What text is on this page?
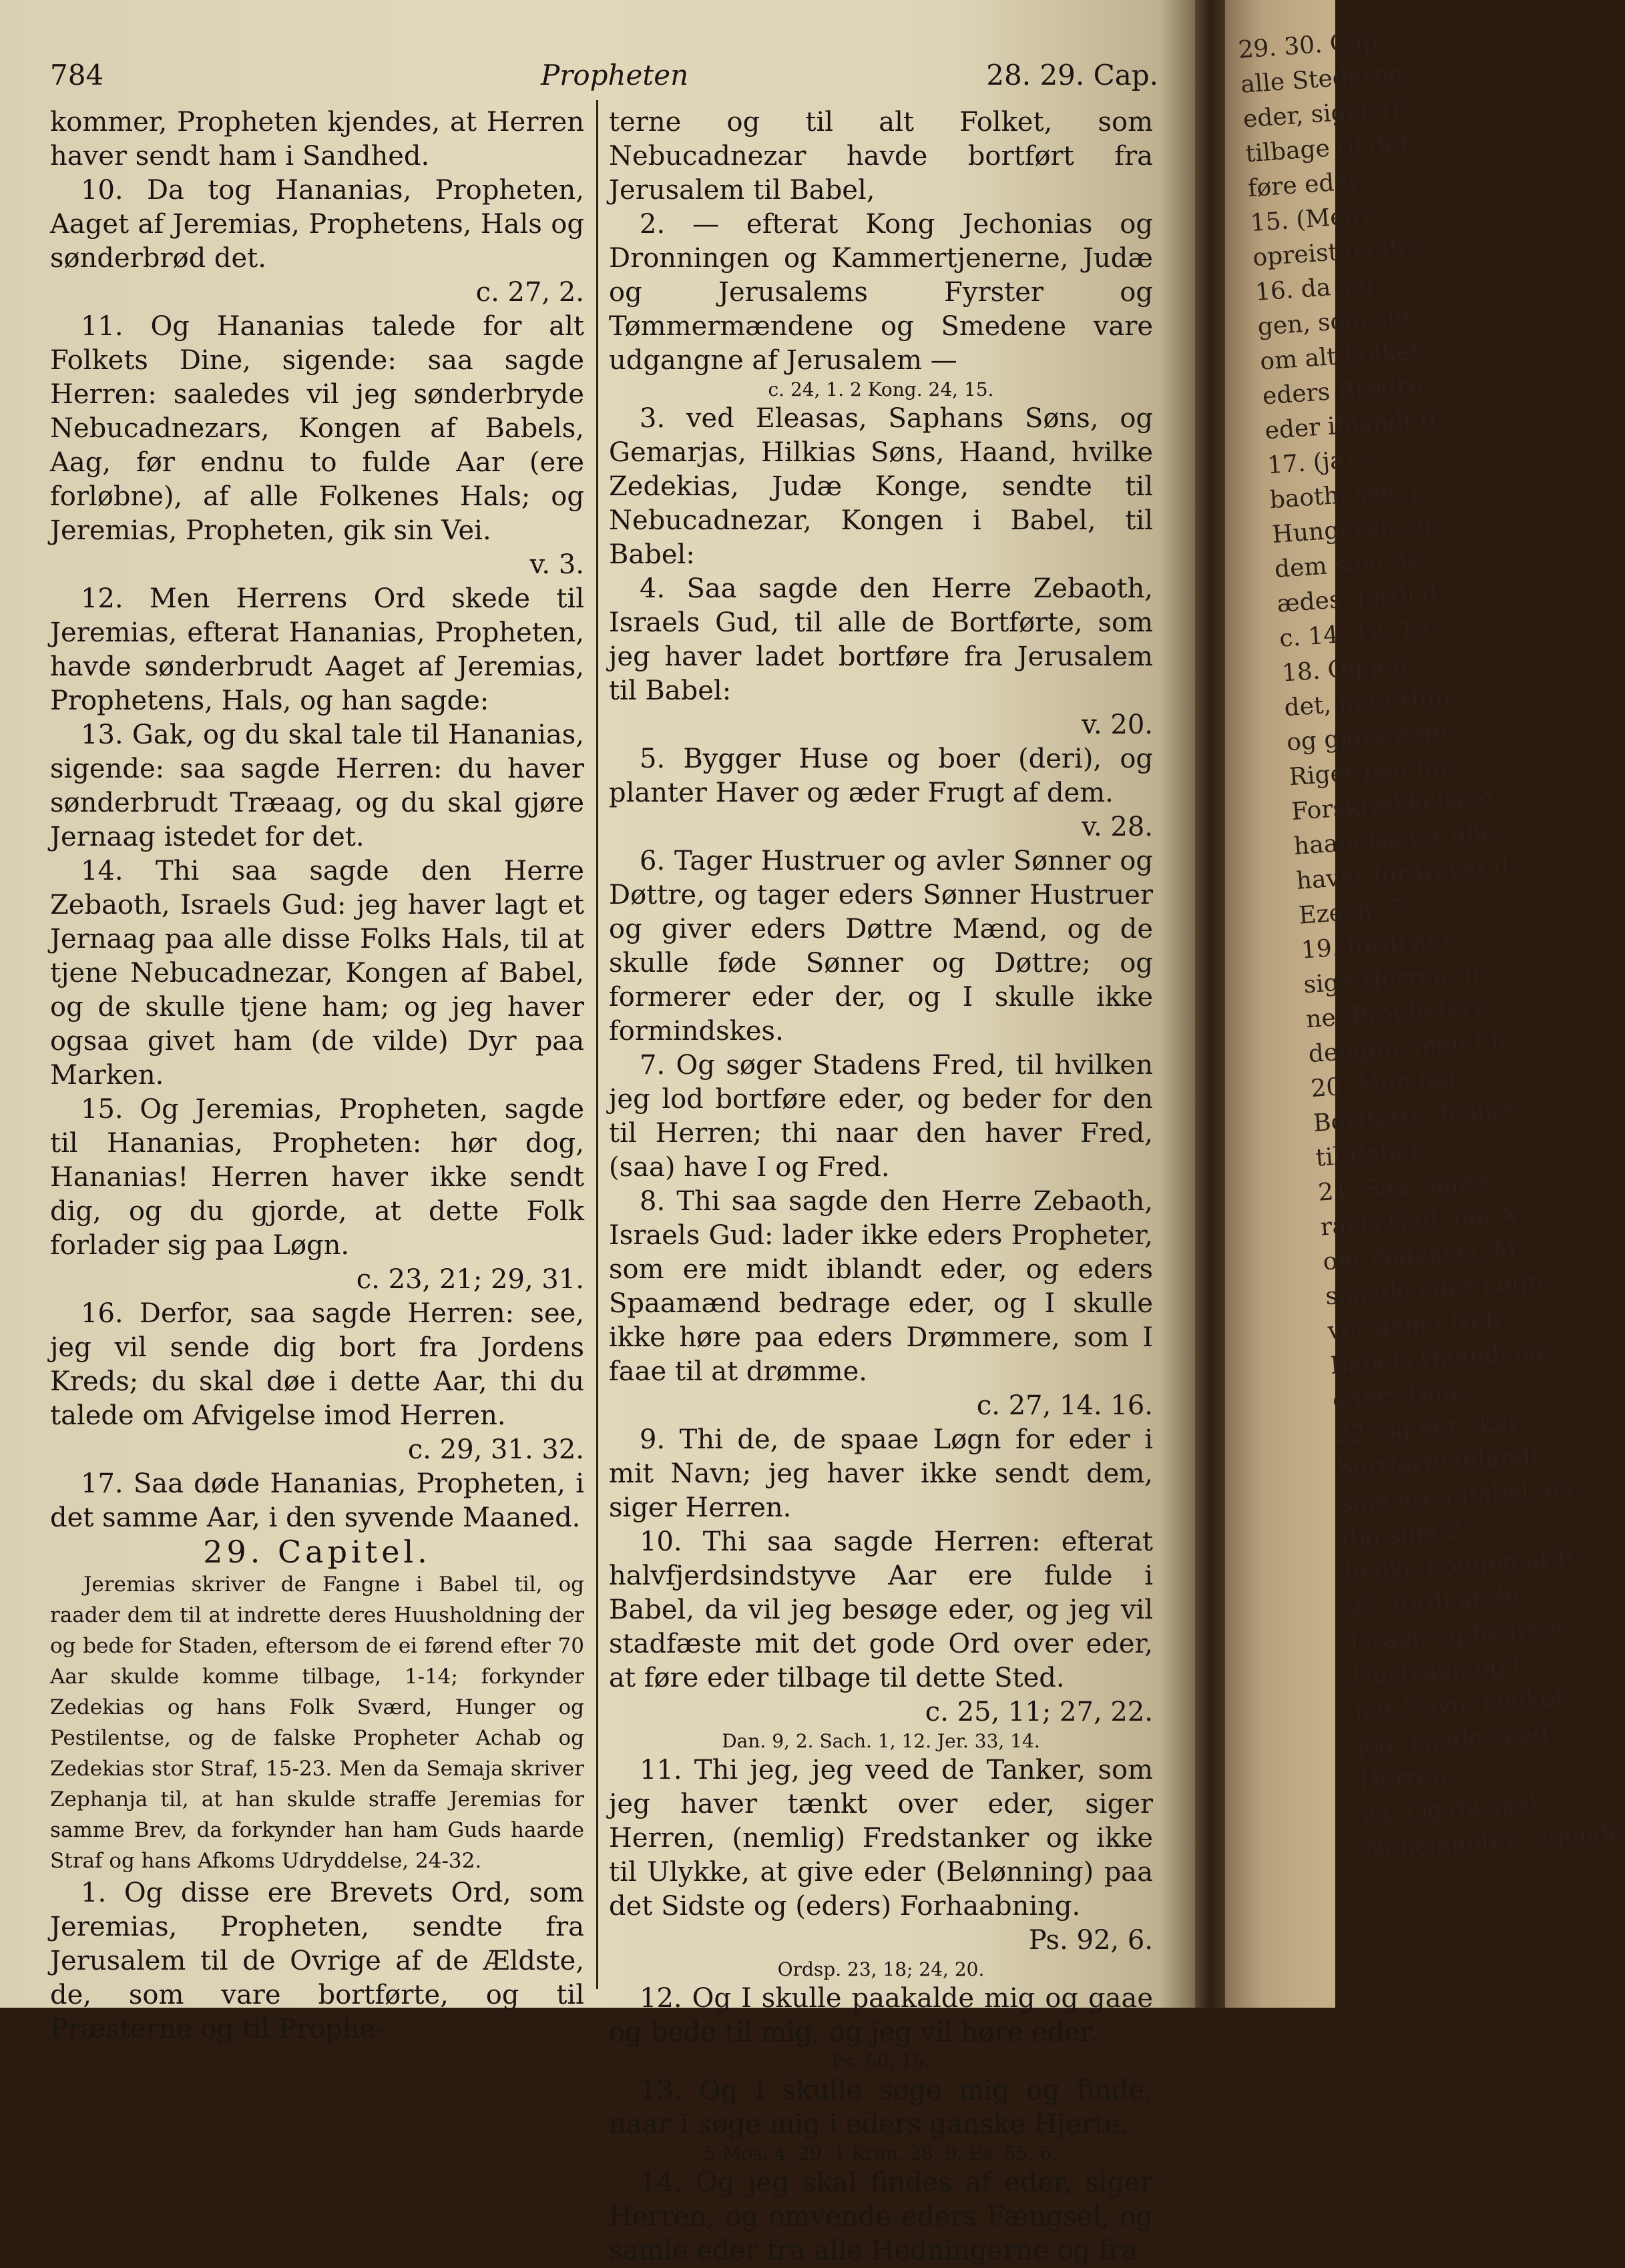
784	Propheten	28. 29. Cap.

kommer, Propheten kjendes, at Herren haver sendt ham i Sandhed.

10. Da tog Hananias, Propheten, Aaget af Jeremias, Prophetens, Hals og sønderbrød det.

c. 27, 2.

11. Og Hananias talede for alt Folkets Dine, sigende: saa sagde Herren: saaledes vil jeg sønderbryde Nebucadnezars, Kongen af Babels, Aag, før endnu to fulde Aar (ere forløbne), af alle Folkenes Hals; og Jeremias, Propheten, gik sin Vei.

v. 3.

12. Men Herrens Ord skede til Jeremias, efterat Hananias, Propheten, havde sønderbrudt Aaget af Jeremias, Prophetens, Hals, og han sagde:

13. Gak, og du skal tale til Hananias, sigende: saa sagde Herren: du haver sønderbrudt Træaag, og du skal gjøre Jernaag istedet for det.

14. Thi saa sagde den Herre Zebaoth, Israels Gud: jeg haver lagt et Jernaag paa alle disse Folks Hals, til at tjene Nebucadnezar, Kongen af Babel, og de skulle tjene ham; og jeg haver ogsaa givet ham (de vilde) Dyr paa Marken.

15. Og Jeremias, Propheten, sagde til Hananias, Propheten: hør dog, Hananias! Herren haver ikke sendt dig, og du gjorde, at dette Folk forlader sig paa Løgn.

c. 23, 21; 29, 31.

16. Derfor, saa sagde Herren: see, jeg vil sende dig bort fra Jordens Kreds; du skal døe i dette Aar, thi du talede om Afvigelse imod Herren.

c. 29, 31. 32.

17. Saa døde Hananias, Propheten, i det samme Aar, i den syvende Maaned.

29. Capitel.

Jeremias skriver de Fangne i Babel til, og raader dem til at indrette deres Huusholdning der og bede for Staden, eftersom de ei førend efter 70 Aar skulde komme tilbage, 1-14; forkynder Zedekias og hans Folk Sværd, Hunger og Pestilentse, og de falske Propheter Achab og Zedekias stor Straf, 15-23. Men da Semaja skriver Zephanja til, at han skulde straffe Jeremias for samme Brev, da forkynder han ham Guds haarde Straf og hans Afkoms Udryddelse, 24-32.

1. Og disse ere Brevets Ord, som Jeremias, Propheten, sendte fra Jerusalem til de Ovrige af de Ældste, de, som vare bortførte, og til Præsterne og til Prophe-

terne og til alt Folket, som Nebucadnezar havde bortført fra Jerusalem til Babel,

2. — efterat Kong Jechonias og Dronningen og Kammertjenerne, Judæ og Jerusalems Fyrster og Tømmermændene og Smedene vare udgangne af Jerusalem —

c. 24, 1. 2 Kong. 24, 15.

3. ved Eleasas, Saphans Søns, og Gemarjas, Hilkias Søns, Haand, hvilke Zedekias, Judæ Konge, sendte til Nebucadnezar, Kongen i Babel, til Babel:

4. Saa sagde den Herre Zebaoth, Israels Gud, til alle de Bortførte, som jeg haver ladet bortføre fra Jerusalem til Babel:

v. 20.

5. Bygger Huse og boer (deri), og planter Haver og æder Frugt af dem.

v. 28.

6. Tager Hustruer og avler Sønner og Døttre, og tager eders Sønner Hustruer og giver eders Døttre Mænd, og de skulle føde Sønner og Døttre; og formerer eder der, og I skulle ikke formindskes.

7. Og søger Stadens Fred, til hvilken jeg lod bortføre eder, og beder for den til Herren; thi naar den haver Fred, (saa) have I og Fred.

8. Thi saa sagde den Herre Zebaoth, Israels Gud: lader ikke eders Propheter, som ere midt iblandt eder, og eders Spaamænd bedrage eder, og I skulle ikke høre paa eders Drømmere, som I faae til at drømme.

c. 27, 14. 16.

9. Thi de, de spaae Løgn for eder i mit Navn; jeg haver ikke sendt dem, siger Herren.

10. Thi saa sagde Herren: efterat halvfjerdsindstyve Aar ere fulde i Babel, da vil jeg besøge eder, og jeg vil stadfæste mit det gode Ord over eder, at føre eder tilbage til dette Sted.

c. 25, 11; 27, 22.

Dan. 9, 2. Sach. 1, 12. Jer. 33, 14.

11. Thi jeg, jeg veed de Tanker, som jeg haver tænkt over eder, siger Herren, (nemlig) Fredstanker og ikke til Ulykke, at give eder (Belønning) paa det Sidste og (eders) Forhaabning.

Ps. 92, 6.

Ordsp. 23, 18; 24, 20.

12. Og I skulle paakalde mig og gaae og bede til mig, og jeg vil høre eder.

Ps. 50, 15.

13. Og I skulle søge mig og finde, naar I søge mig i eders ganske Hjerte.

5 Mos. 4, 29. 1 Krøn. 28, 9. Es. 55, 6.

14. Og jeg skal findes af eder, siger Herren, og omvende eders Fængsel, og samle eder fra alle Hedningerne og fra

29. 30. Cap.
alle Stederne,
eder, siger H
tilbage til det
føre eder.
15. (Men)
opreist os Pro
16. da sig
gen, som sid
om alt Folket
eders Brødre,
eder iblandt d
17. (ja) s
baoth: see, j
Hungeren og
dem som de
ædes, fordi d
c. 14, 12. 18
18. Og jeg
det, med Hun
og gjøre dem
Riger paa Jor
Forskrækkelse o
haanelse for alle
haver fordrevet d
Ezech. 5
19. fordi at i
sige Herren, h
ne, Prophetern
deligen, men I h
20. Men hør
Bortførte, hvilke
til Babel:
21. Saa sagde
raels Gud, om A
om Zedekias, M
spaade eder Løgn
ver dem i Neb
Babels Haand, og
eders Dine,
22. og der skal
bortførte iblandt
som ere i Babel, en
dig som Z
hvilke Kongen af B
23. fordi at de
Israel, og bedreve
Hustruer, og t
mit Navn, hvilket
jeg; baade veed
Herren.
24. Og du skal
Nehelamiter, sigende
